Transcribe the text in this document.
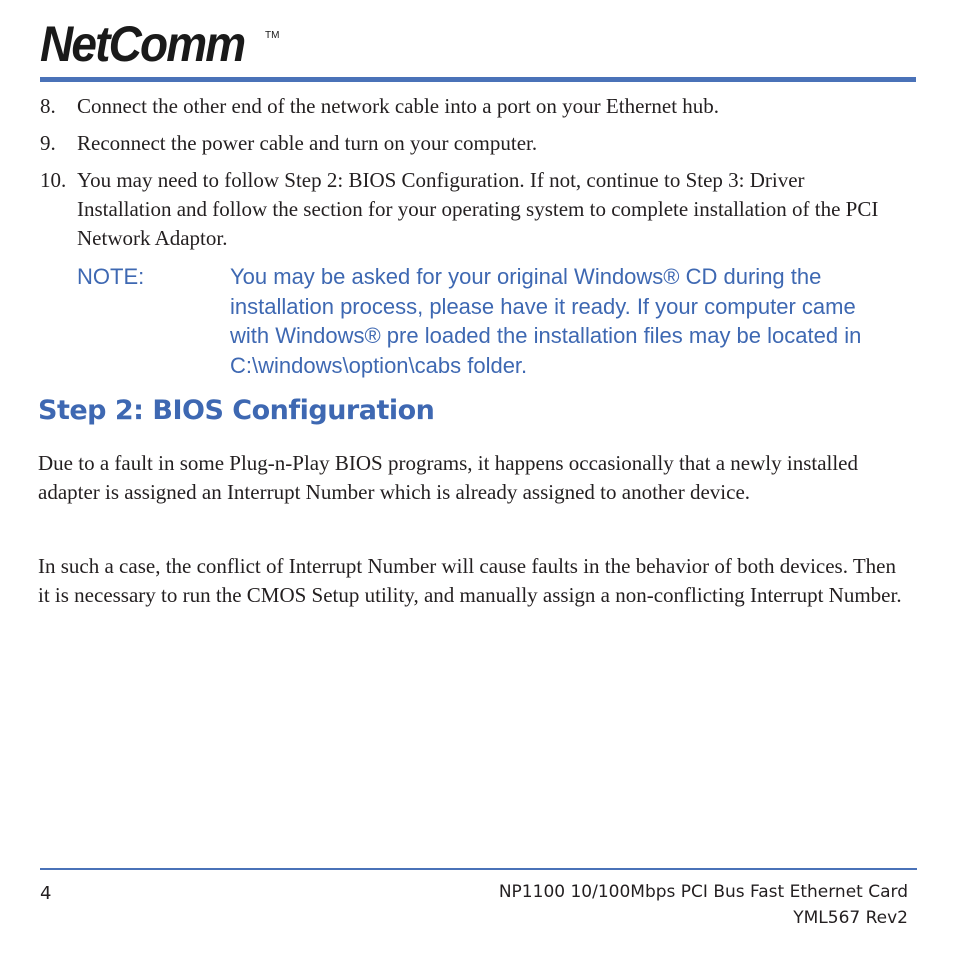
NetComm TM
8.	Connect the other end of the network cable into a port on your Ethernet hub.
9.	Reconnect the power cable and turn on your computer.
10. You may need to follow Step 2: BIOS Configuration. If not, continue to Step 3: Driver Installation and follow the section for your operating system to complete installation of the PCI Network Adaptor.
NOTE:	You may be asked for your original Windows® CD during the installation process, please have it ready. If your computer came with Windows® pre loaded the installation files may be located in C:\windows\option\cabs folder.
Step 2: BIOS Configuration
Due to a fault in some Plug-n-Play BIOS programs, it happens occasionally that a newly installed adapter is assigned an Interrupt Number which is already assigned to another device.
In such a case, the conflict of Interrupt Number will cause faults in the behavior of both devices. Then it is necessary to run the CMOS Setup utility, and manually assign a non-conflicting Interrupt Number.
4	NP1100 10/100Mbps PCI Bus Fast Ethernet Card
YML567 Rev2
